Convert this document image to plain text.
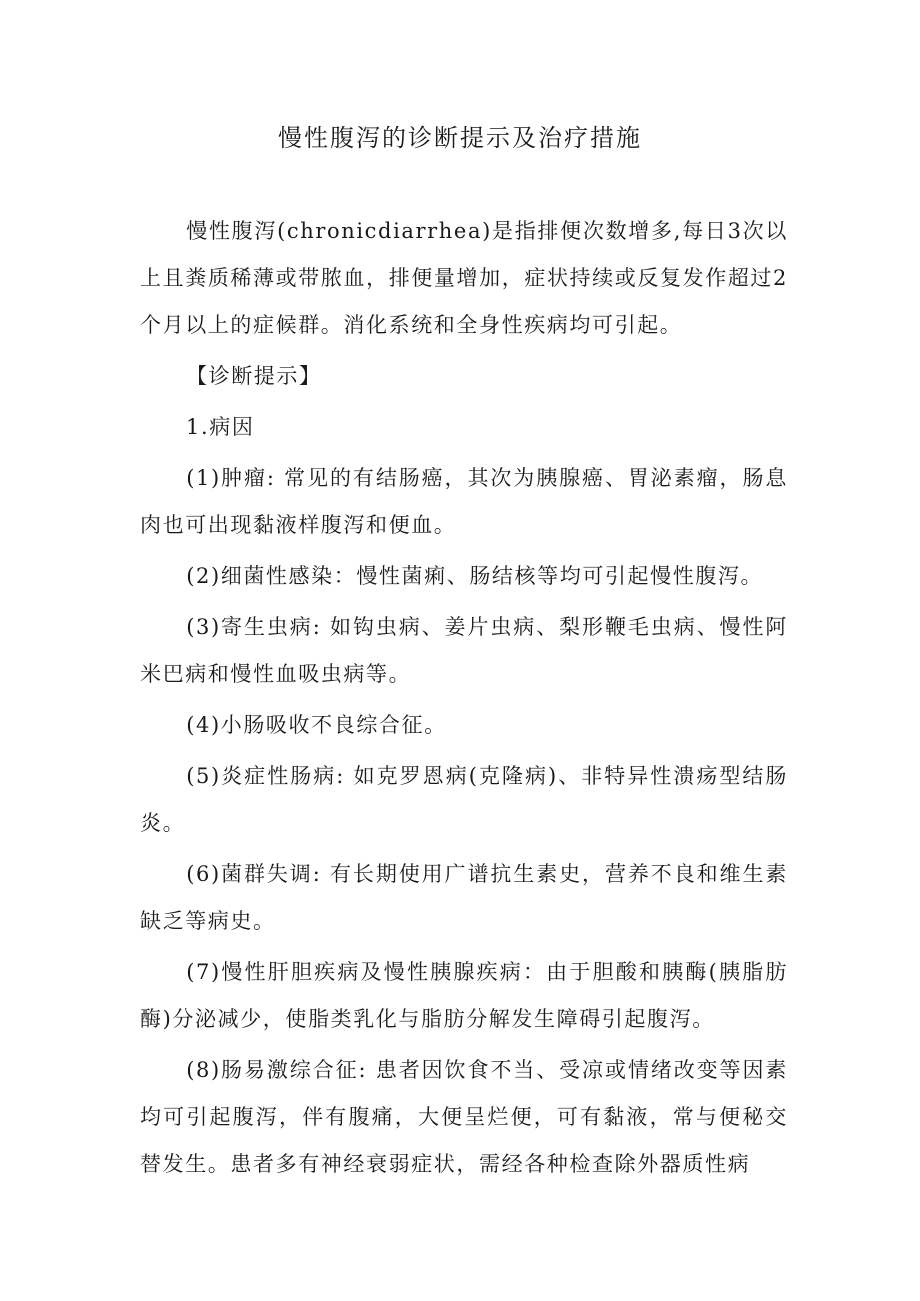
慢性腹泻的诊断提示及治疗措施

慢性腹泻(chronicdiarrhea)是指排便次数增多,每日3次以上且粪质稀薄或带脓血，排便量增加，症状持续或反复发作超过2个月以上的症候群。消化系统和全身性疾病均可引起。

【诊断提示】

1.病因

(1)肿瘤: 常见的有结肠癌，其次为胰腺癌、胃泌素瘤，肠息肉也可出现黏液样腹泻和便血。

(2)细菌性感染：慢性菌痢、肠结核等均可引起慢性腹泻。

(3)寄生虫病: 如钩虫病、姜片虫病、梨形鞭毛虫病、慢性阿米巴病和慢性血吸虫病等。

(4)小肠吸收不良综合征。

(5)炎症性肠病: 如克罗恩病(克隆病)、非特异性溃疡型结肠炎。

(6)菌群失调: 有长期使用广谱抗生素史，营养不良和维生素缺乏等病史。

(7)慢性肝胆疾病及慢性胰腺疾病：由于胆酸和胰酶(胰脂肪酶)分泌减少，使脂类乳化与脂肪分解发生障碍引起腹泻。

(8)肠易激综合征: 患者因饮食不当、受凉或情绪改变等因素均可引起腹泻，伴有腹痛，大便呈烂便，可有黏液，常与便秘交替发生。患者多有神经衰弱症状，需经各种检查除外器质性病
